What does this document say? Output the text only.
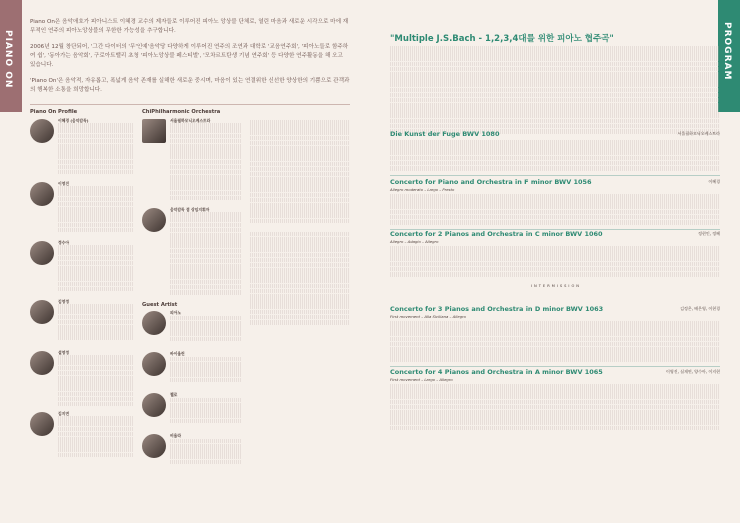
PIANO ON

Piano On은 음악애호가 피아니스트 이혜경 교수의 제자들로 이루어진 피아노 앙상블 단체로, 열린 마음과 새로운 시각으로 마에 재무적인 연주의 피아노앙상블의 무한한 가능성을 추구합니다.

2006년 12월 창단되어, '그간 다이터의 '무'인예'음악당 다양하게 이루어진 연주의 조연과 대학로 '교음연주회', '피아노들로 함주하여 쉽', '동아가는 음악회', 구로아트밸리 초청 '피아노앙상블 페스티벌', '모차르트탄생 기념 연주회' 등 다양한 연주활동을 해 오고 있습니다.

'Piano On'은 음악적, 자유롭고, 폭넓게 음악 존재를 실해한 새로운 중시며, 마음이 있는 연결위한 신선한 양상한의 기쁨으로 관객과의 행복한 소통을 희망합니다.

Piano On Profile
이혜경 (음악감독)
이영진
정수아
김영정
설영정
김지연
ChiPhilharmonic Orchestra
서울필하모닉오케스트라
음악감독 겸 상임지휘자
Guest Artist
피아노
바이올린
첼로
비올라
PROGRAM
"Multiple J.S.Bach - 1,2,3,4대를 위한 피아노 협주곡"
Die Kunst der Fuge BWV 1080	서울필하모닉오케스트라
Concerto for Piano and Orchestra in F minor BWV 1056	이혜경
Allegro moderato – Largo – Presto
Concerto for 2 Pianos and Orchestra in C minor BWV 1060	정현인, 정혜
Allegro – Adagio – Allegro
INTERMISSION
Concerto for 3 Pianos and Orchestra in D minor BWV 1063	김정은, 배은영, 이현경
First movement – Alla Siciliana – Allegro
Concerto for 4 Pianos and Orchestra in A minor BWV 1065	이영진, 심재연, 양수아, 이지현
First movement – Largo – Allegro
